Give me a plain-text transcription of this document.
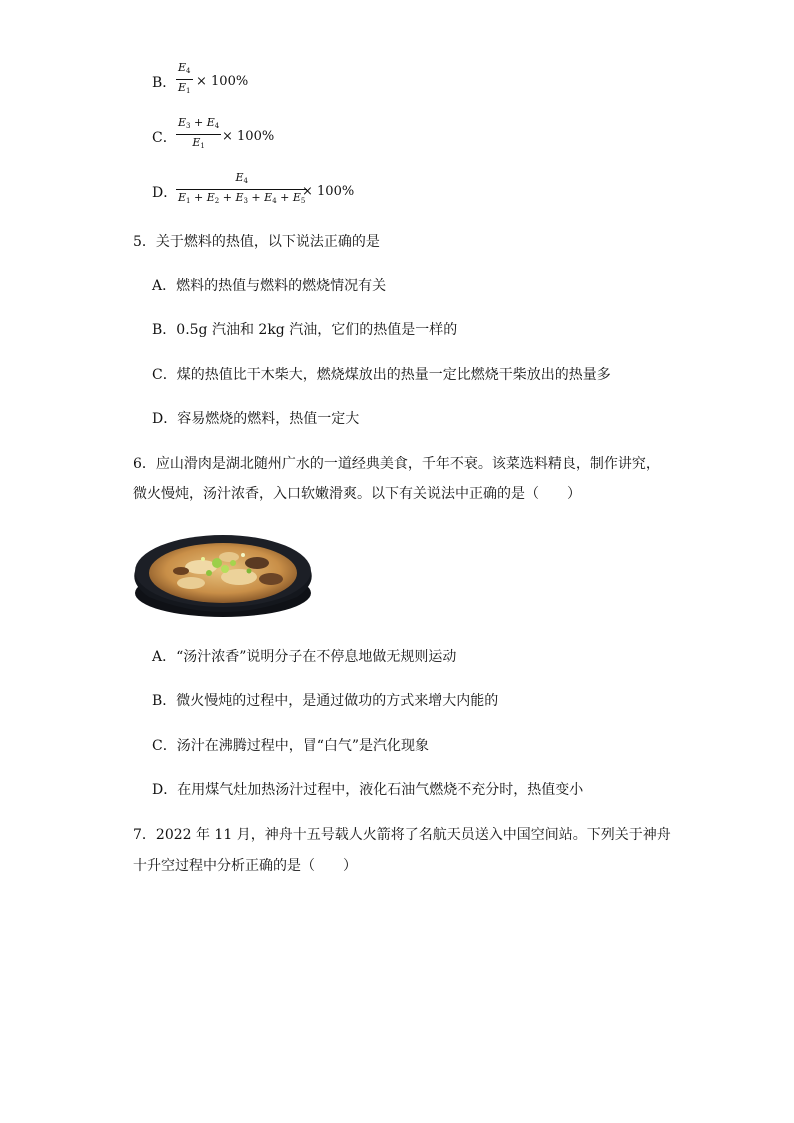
B．
$E_4$
$E_1$
× 100%
C．
$E_3 + E_4$
$E_1$
× 100%
D．
$E_4$
$E_1 + E_2 + E_3 + E_4 + E_5$
× 100%
5．关于燃料的热值，以下说法正确的是
A．燃料的热值与燃料的燃烧情况有关
B．0.5g 汽油和 2kg 汽油，它们的热值是一样的
C．煤的热值比干木柴大，燃烧煤放出的热量一定比燃烧干柴放出的热量多
D．容易燃烧的燃料，热值一定大
6．应山滑肉是湖北随州广水的一道经典美食，千年不衰。该菜选料精良，制作讲究，
微火慢炖，汤汁浓香，入口软嫩滑爽。以下有关说法中正确的是（　　）
A．“汤汁浓香”说明分子在不停息地做无规则运动
B．微火慢炖的过程中，是通过做功的方式来增大内能的
C．汤汁在沸腾过程中，冒“白气”是汽化现象
D．在用煤气灶加热汤汁过程中，液化石油气燃烧不充分时，热值变小
7．2022 年 11 月，神舟十五号载人火箭将了名航天员送入中国空间站。下列关于神舟
十升空过程中分析正确的是（　　）
